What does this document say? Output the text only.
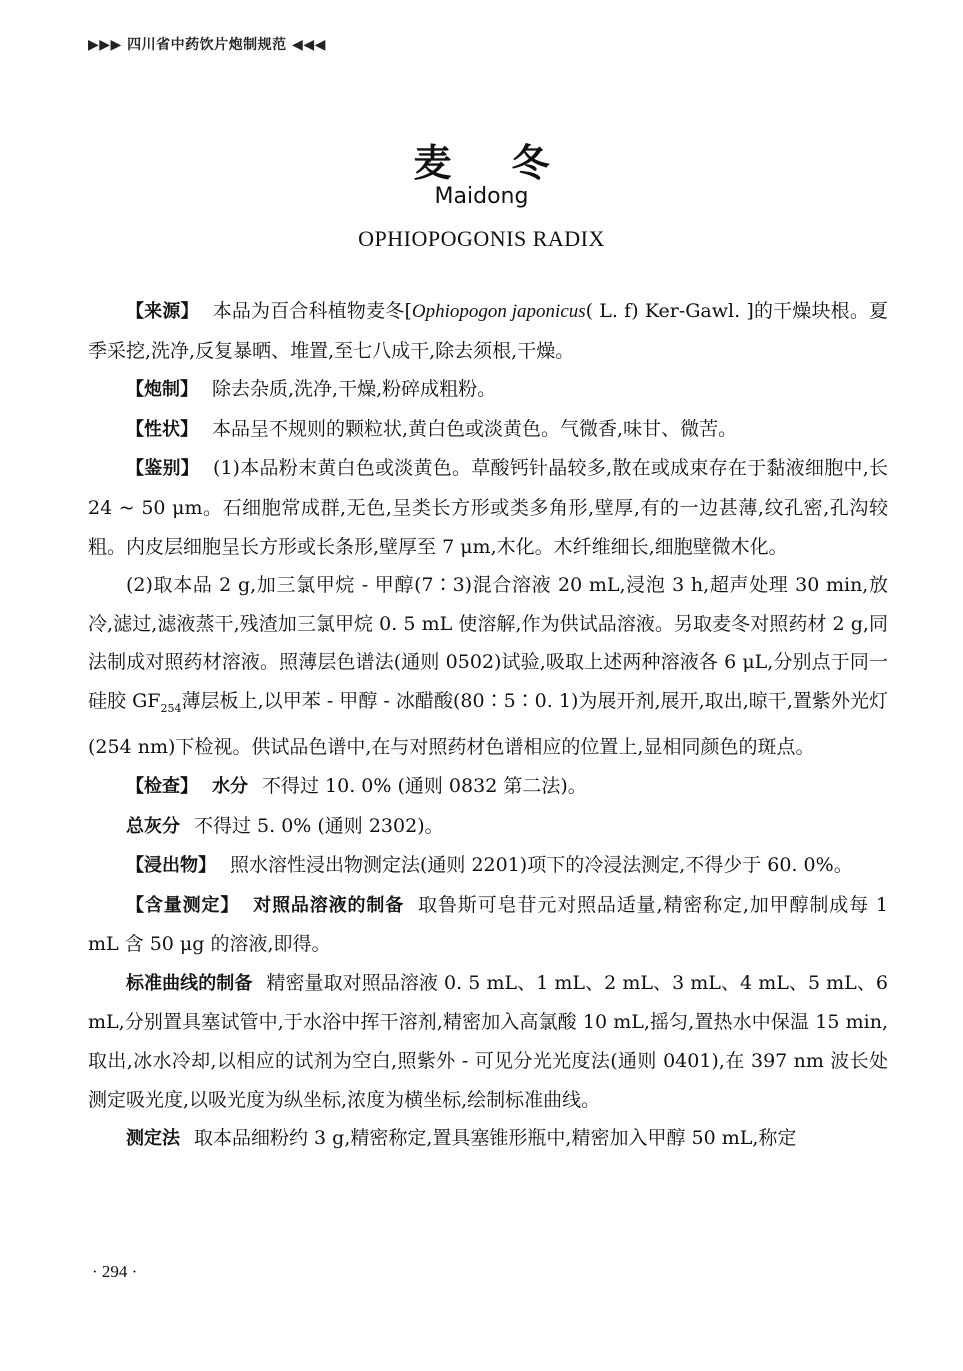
▶▶▶ 四川省中药饮片炮制规范 ◀◀◀
麦冬
Maidong
OPHIOPOGONIS RADIX

【来源】 本品为百合科植物麦冬[Ophiopogon japonicus( L. f) Ker-Gawl. ]的干燥块根。夏季采挖,洗净,反复暴晒、堆置,至七八成干,除去须根,干燥。

【炮制】 除去杂质,洗净,干燥,粉碎成粗粉。

【性状】 本品呈不规则的颗粒状,黄白色或淡黄色。气微香,味甘、微苦。

【鉴别】 (1)本品粉末黄白色或淡黄色。草酸钙针晶较多,散在或成束存在于黏液细胞中,长 24 ~ 50 μm。石细胞常成群,无色,呈类长方形或类多角形,壁厚,有的一边甚薄,纹孔密,孔沟较粗。内皮层细胞呈长方形或长条形,壁厚至 7 μm,木化。木纤维细长,细胞壁微木化。

(2)取本品 2 g,加三氯甲烷 - 甲醇(7∶3)混合溶液 20 mL,浸泡 3 h,超声处理 30 min,放冷,滤过,滤液蒸干,残渣加三氯甲烷 0. 5 mL 使溶解,作为供试品溶液。另取麦冬对照药材 2 g,同法制成对照药材溶液。照薄层色谱法(通则 0502)试验,吸取上述两种溶液各 6 μL,分别点于同一硅胶 $GF_{254}$薄层板上,以甲苯 - 甲醇 - 冰醋酸(80∶5∶0. 1)为展开剂,展开,取出,晾干,置紫外光灯(254 nm)下检视。供试品色谱中,在与对照药材色谱相应的位置上,显相同颜色的斑点。

【检查】 水分 不得过 10. 0% (通则 0832 第二法)。

总灰分 不得过 5. 0% (通则 2302)。

【浸出物】 照水溶性浸出物测定法(通则 2201)项下的冷浸法测定,不得少于 60. 0%。

【含量测定】 对照品溶液的制备 取鲁斯可皂苷元对照品适量,精密称定,加甲醇制成每 1 mL 含 50 μg 的溶液,即得。

标准曲线的制备 精密量取对照品溶液 0. 5 mL、1 mL、2 mL、3 mL、4 mL、5 mL、6 mL,分别置具塞试管中,于水浴中挥干溶剂,精密加入高氯酸 10 mL,摇匀,置热水中保温 15 min,取出,冰水冷却,以相应的试剂为空白,照紫外 - 可见分光光度法(通则 0401),在 397 nm 波长处测定吸光度,以吸光度为纵坐标,浓度为横坐标,绘制标准曲线。

测定法 取本品细粉约 3 g,精密称定,置具塞锥形瓶中,精密加入甲醇 50 mL,称定

· 294 ·
